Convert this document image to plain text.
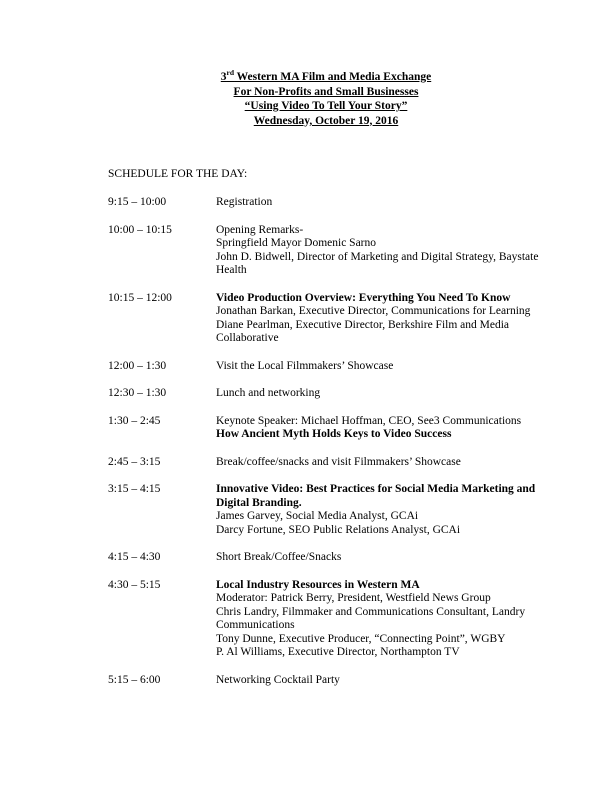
3rd Western MA Film and Media Exchange
For Non-Profits and Small Businesses
“Using Video To Tell Your Story”
Wednesday, October 19, 2016
SCHEDULE FOR THE DAY:
9:15 – 10:00	Registration
10:00 – 10:15	Opening Remarks-
Springfield Mayor Domenic Sarno
John D. Bidwell, Director of Marketing and Digital Strategy, Baystate Health
10:15 – 12:00	Video Production Overview: Everything You Need To Know
Jonathan Barkan, Executive Director, Communications for Learning
Diane Pearlman, Executive Director, Berkshire Film and Media Collaborative
12:00 – 1:30	Visit the Local Filmmakers’ Showcase
12:30 – 1:30	Lunch and networking
1:30 – 2:45	Keynote Speaker: Michael Hoffman, CEO, See3 Communications
How Ancient Myth Holds Keys to Video Success
2:45 – 3:15	Break/coffee/snacks and visit Filmmakers’ Showcase
3:15 – 4:15	Innovative Video: Best Practices for Social Media Marketing and Digital Branding.
James Garvey, Social Media Analyst, GCAi
Darcy Fortune, SEO Public Relations Analyst, GCAi
4:15 – 4:30	Short Break/Coffee/Snacks
4:30 – 5:15	Local Industry Resources in Western MA
Moderator: Patrick Berry, President, Westfield News Group
Chris Landry, Filmmaker and Communications Consultant, Landry Communications
Tony Dunne, Executive Producer, “Connecting Point”, WGBY
P. Al Williams, Executive Director, Northampton TV
5:15 – 6:00	Networking Cocktail Party
